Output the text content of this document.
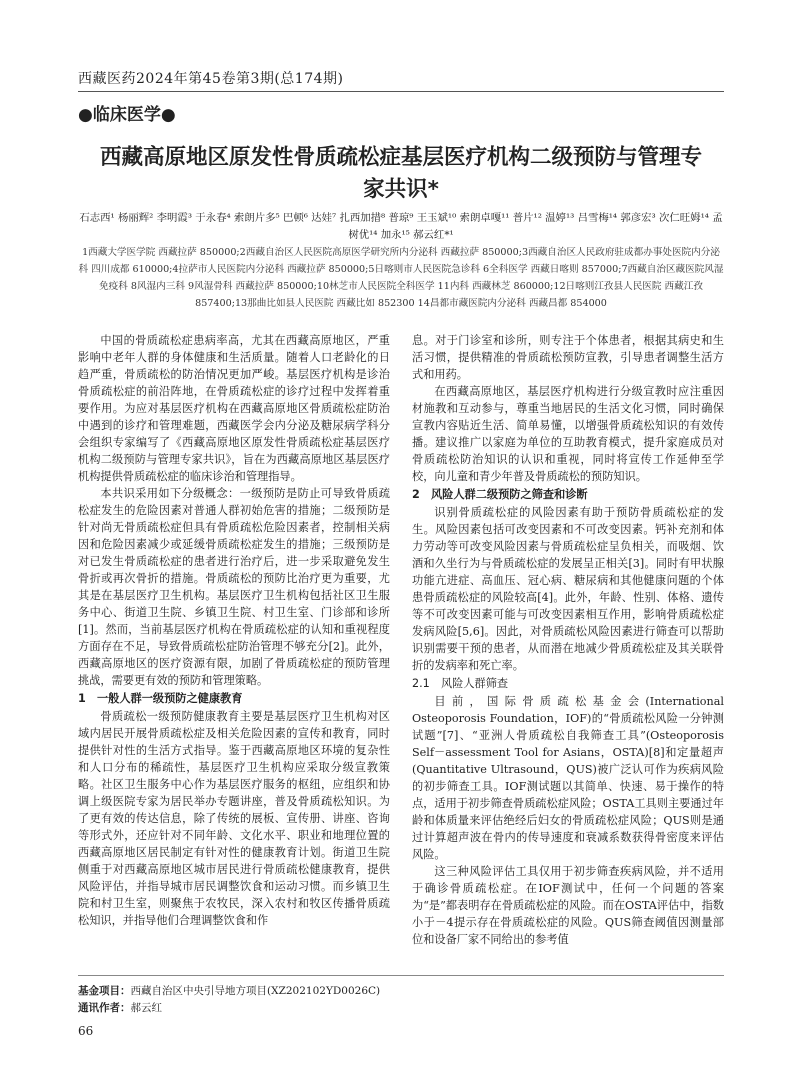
西藏医药2024年第45卷第3期(总174期)
●临床医学●
西藏高原地区原发性骨质疏松症基层医疗机构二级预防与管理专家共识*
石志西¹ 杨丽辉² 李明霞³ 于永春⁴ 索朗片多⁵ 巴顿⁶ 达娃⁷ 扎西加措⁸ 普琼⁹ 王玉斌¹⁰ 索朗卓嘎¹¹ 普片¹² 温婷¹³ 吕雪梅¹⁴ 郭彦宏³ 次仁旺姆¹⁴ 孟树优¹⁴ 加永¹⁵ 郝云红*¹
1西藏大学医学院 西藏拉萨 850000;2西藏自治区人民医院高原医学研究所内分泌科 西藏拉萨 850000;3西藏自治区人民政府驻成都办事处医院内分泌科 四川成都 610000;4拉萨市人民医院内分泌科 西藏拉萨 850000;5日喀则市人民医院急诊科 6全科医学 西藏日喀则 857000;7西藏自治区藏医院风湿免疫科 8风湿内三科 9风湿骨科 西藏拉萨 850000;10林芝市人民医院全科医学 11内科 西藏林芝 860000;12日喀则江孜县人民医院 西藏江孜 857400;13那曲比如县人民医院 西藏比如 852300 14昌都市藏医院内分泌科 西藏昌都 854000

中国的骨质疏松症患病率高，尤其在西藏高原地区，严重影响中老年人群的身体健康和生活质量。随着人口老龄化的日趋严重，骨质疏松的防治情况更加严峻。基层医疗机构是诊治骨质疏松症的前沿阵地，在骨质疏松症的诊疗过程中发挥着重要作用。为应对基层医疗机构在西藏高原地区骨质疏松症防治中遇到的诊疗和管理难题，西藏医学会内分泌及糖尿病学科分会组织专家编写了《西藏高原地区原发性骨质疏松症基层医疗机构二级预防与管理专家共识》，旨在为西藏高原地区基层医疗机构提供骨质疏松症的临床诊治和管理指导。

本共识采用如下分级概念：一级预防是防止可导致骨质疏松症发生的危险因素对普通人群初始危害的措施；二级预防是针对尚无骨质疏松症但具有骨质疏松危险因素者，控制相关病因和危险因素减少或延缓骨质疏松症发生的措施；三级预防是对已发生骨质疏松症的患者进行治疗后，进一步采取避免发生骨折或再次骨折的措施。骨质疏松的预防比治疗更为重要，尤其是在基层医疗卫生机构。基层医疗卫生机构包括社区卫生服务中心、街道卫生院、乡镇卫生院、村卫生室、门诊部和诊所[1]。然而，当前基层医疗机构在骨质疏松症的认知和重视程度方面存在不足，导致骨质疏松症防治管理不够充分[2]。此外，西藏高原地区的医疗资源有限，加剧了骨质疏松症的预防管理挑战，需要更有效的预防和管理策略。

1　一般人群一级预防之健康教育

骨质疏松一级预防健康教育主要是基层医疗卫生机构对区域内居民开展骨质疏松症及相关危险因素的宣传和教育，同时提供针对性的生活方式指导。鉴于西藏高原地区环境的复杂性和人口分布的稀疏性，基层医疗卫生机构应采取分级宣教策略。社区卫生服务中心作为基层医疗服务的枢纽，应组织和协调上级医院专家为居民举办专题讲座，普及骨质疏松知识。为了更有效的传达信息，除了传统的展板、宣传册、讲座、咨询等形式外，还应针对不同年龄、文化水平、职业和地理位置的西藏高原地区居民制定有针对性的健康教育计划。街道卫生院侧重于对西藏高原地区城市居民进行骨质疏松健康教育，提供风险评估，并指导城市居民调整饮食和运动习惯。而乡镇卫生院和村卫生室，则聚焦于农牧民，深入农村和牧区传播骨质疏松知识，并指导他们合理调整饮食和作

息。对于门诊室和诊所，则专注于个体患者，根据其病史和生活习惯，提供精准的骨质疏松预防宣教，引导患者调整生活方式和用药。

在西藏高原地区，基层医疗机构进行分级宣教时应注重因材施教和互动参与，尊重当地居民的生活文化习惯，同时确保宣教内容贴近生活、简单易懂，以增强骨质疏松知识的有效传播。建议推广以家庭为单位的互助教育模式，提升家庭成员对骨质疏松防治知识的认识和重视，同时将宣传工作延伸至学校，向儿童和青少年普及骨质疏松的预防知识。

2　风险人群二级预防之筛查和诊断

识别骨质疏松症的风险因素有助于预防骨质疏松症的发生。风险因素包括可改变因素和不可改变因素。钙补充剂和体力劳动等可改变风险因素与骨质疏松症呈负相关，而吸烟、饮酒和久坐行为与骨质疏松症的发展呈正相关[3]。同时有甲状腺功能亢进症、高血压、冠心病、糖尿病和其他健康问题的个体患骨质疏松症的风险较高[4]。此外，年龄、性别、体格、遗传等不可改变因素可能与可改变因素相互作用，影响骨质疏松症发病风险[5,6]。因此，对骨质疏松风险因素进行筛查可以帮助识别需要干预的患者，从而潜在地减少骨质疏松症及其关联骨折的发病率和死亡率。

2.1　风险人群筛查

目前，国际骨质疏松基金会(International Osteoporosis Foundation，IOF)的“骨质疏松风险一分钟测试题”[7]、“亚洲人骨质疏松自我筛查工具”(Osteoporosis Self－assessment Tool for Asians，OSTA)[8]和定量超声(Quantitative Ultrasound，QUS)被广泛认可作为疾病风险的初步筛查工具。IOF测试题以其简单、快速、易于操作的特点，适用于初步筛查骨质疏松症风险；OSTA工具则主要通过年龄和体质量来评估绝经后妇女的骨质疏松症风险；QUS则是通过计算超声波在骨内的传导速度和衰减系数获得骨密度来评估风险。

这三种风险评估工具仅用于初步筛查疾病风险，并不适用于确诊骨质疏松症。在IOF测试中，任何一个问题的答案为“是”都表明存在骨质疏松症的风险。而在OSTA评估中，指数小于－4提示存在骨质疏松症的风险。QUS筛查阈值因测量部位和设备厂家不同给出的参考值

基金项目：西藏自治区中央引导地方项目(XZ202102YD0026C)
通讯作者：郝云红
66
